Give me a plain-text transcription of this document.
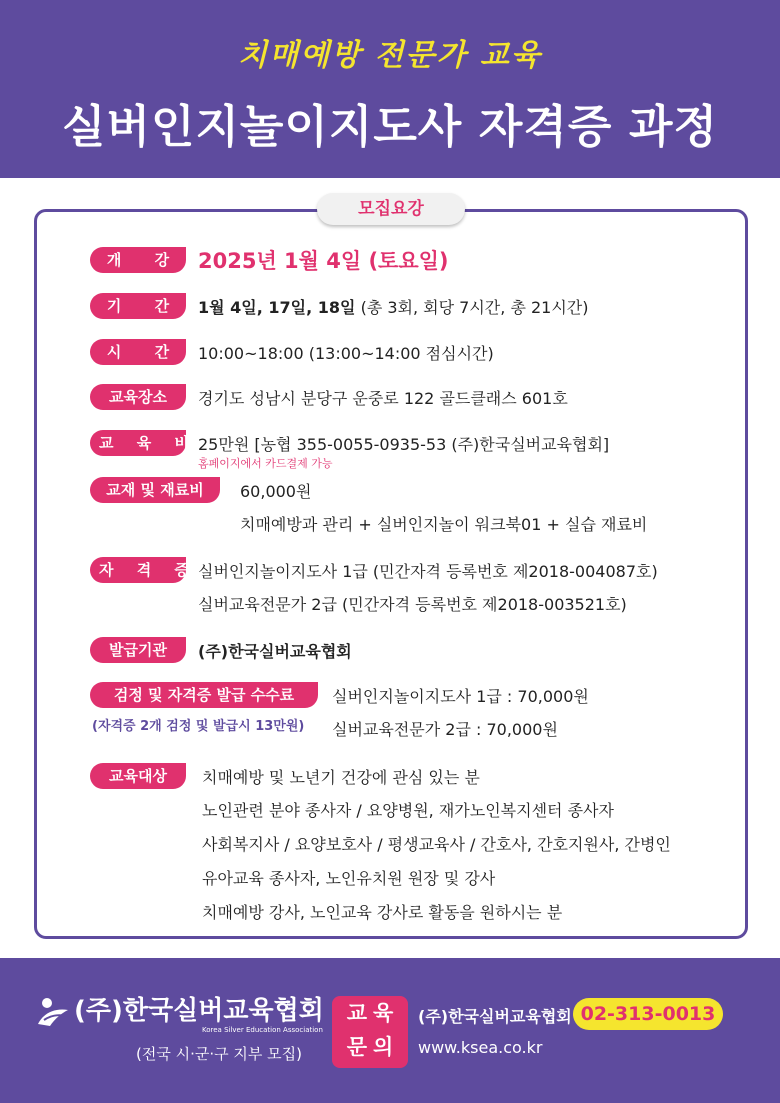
치매예방 전문가 교육
실버인지놀이지도사 자격증 과정
모집요강
개 강 2025년 1월 4일 (토요일)
기 간 1월 4일, 17일, 18일 (총 3회, 회당 7시간, 총 21시간)
시 간 10:00~18:00 (13:00~14:00 점심시간)
교육장소	경기도 성남시 분당구 운중로 122 골드클래스 601호
교 육 비 25만원 [농협 355-0055-0935-53 (주)한국실버교육협회]
홈페이지에서 카드결제 가능
교재 및 재료비	60,000원
치매예방과 관리 + 실버인지놀이 워크북01 + 실습 재료비
자 격 증 실버인지놀이지도사 1급 (민간자격 등록번호 제2018-004087호)
실버교육전문가 2급 (민간자격 등록번호 제2018-003521호)
발급기관	(주)한국실버교육협회
검정 및 자격증 발급 수수료
(자격증 2개 검정 및 발급시 13만원)
실버인지놀이지도사 1급 : 70,000원
실버교육전문가 2급 : 70,000원
교육대상	치매예방 및 노년기 건강에 관심 있는 분
노인관련 분야 종사자 / 요양병원, 재가노인복지센터 종사자
사회복지사 / 요양보호사 / 평생교육사 / 간호사, 간호지원사, 간병인
유아교육 종사자, 노인유치원 원장 및 강사
치매예방 강사, 노인교육 강사로 활동을 원하시는 분
(주)한국실버교육협회
Korea Silver Education Association
(전국 시·군·구 지부 모집)
교육
문의
(주)한국실버교육협회 02-313-0013
www.ksea.co.kr
